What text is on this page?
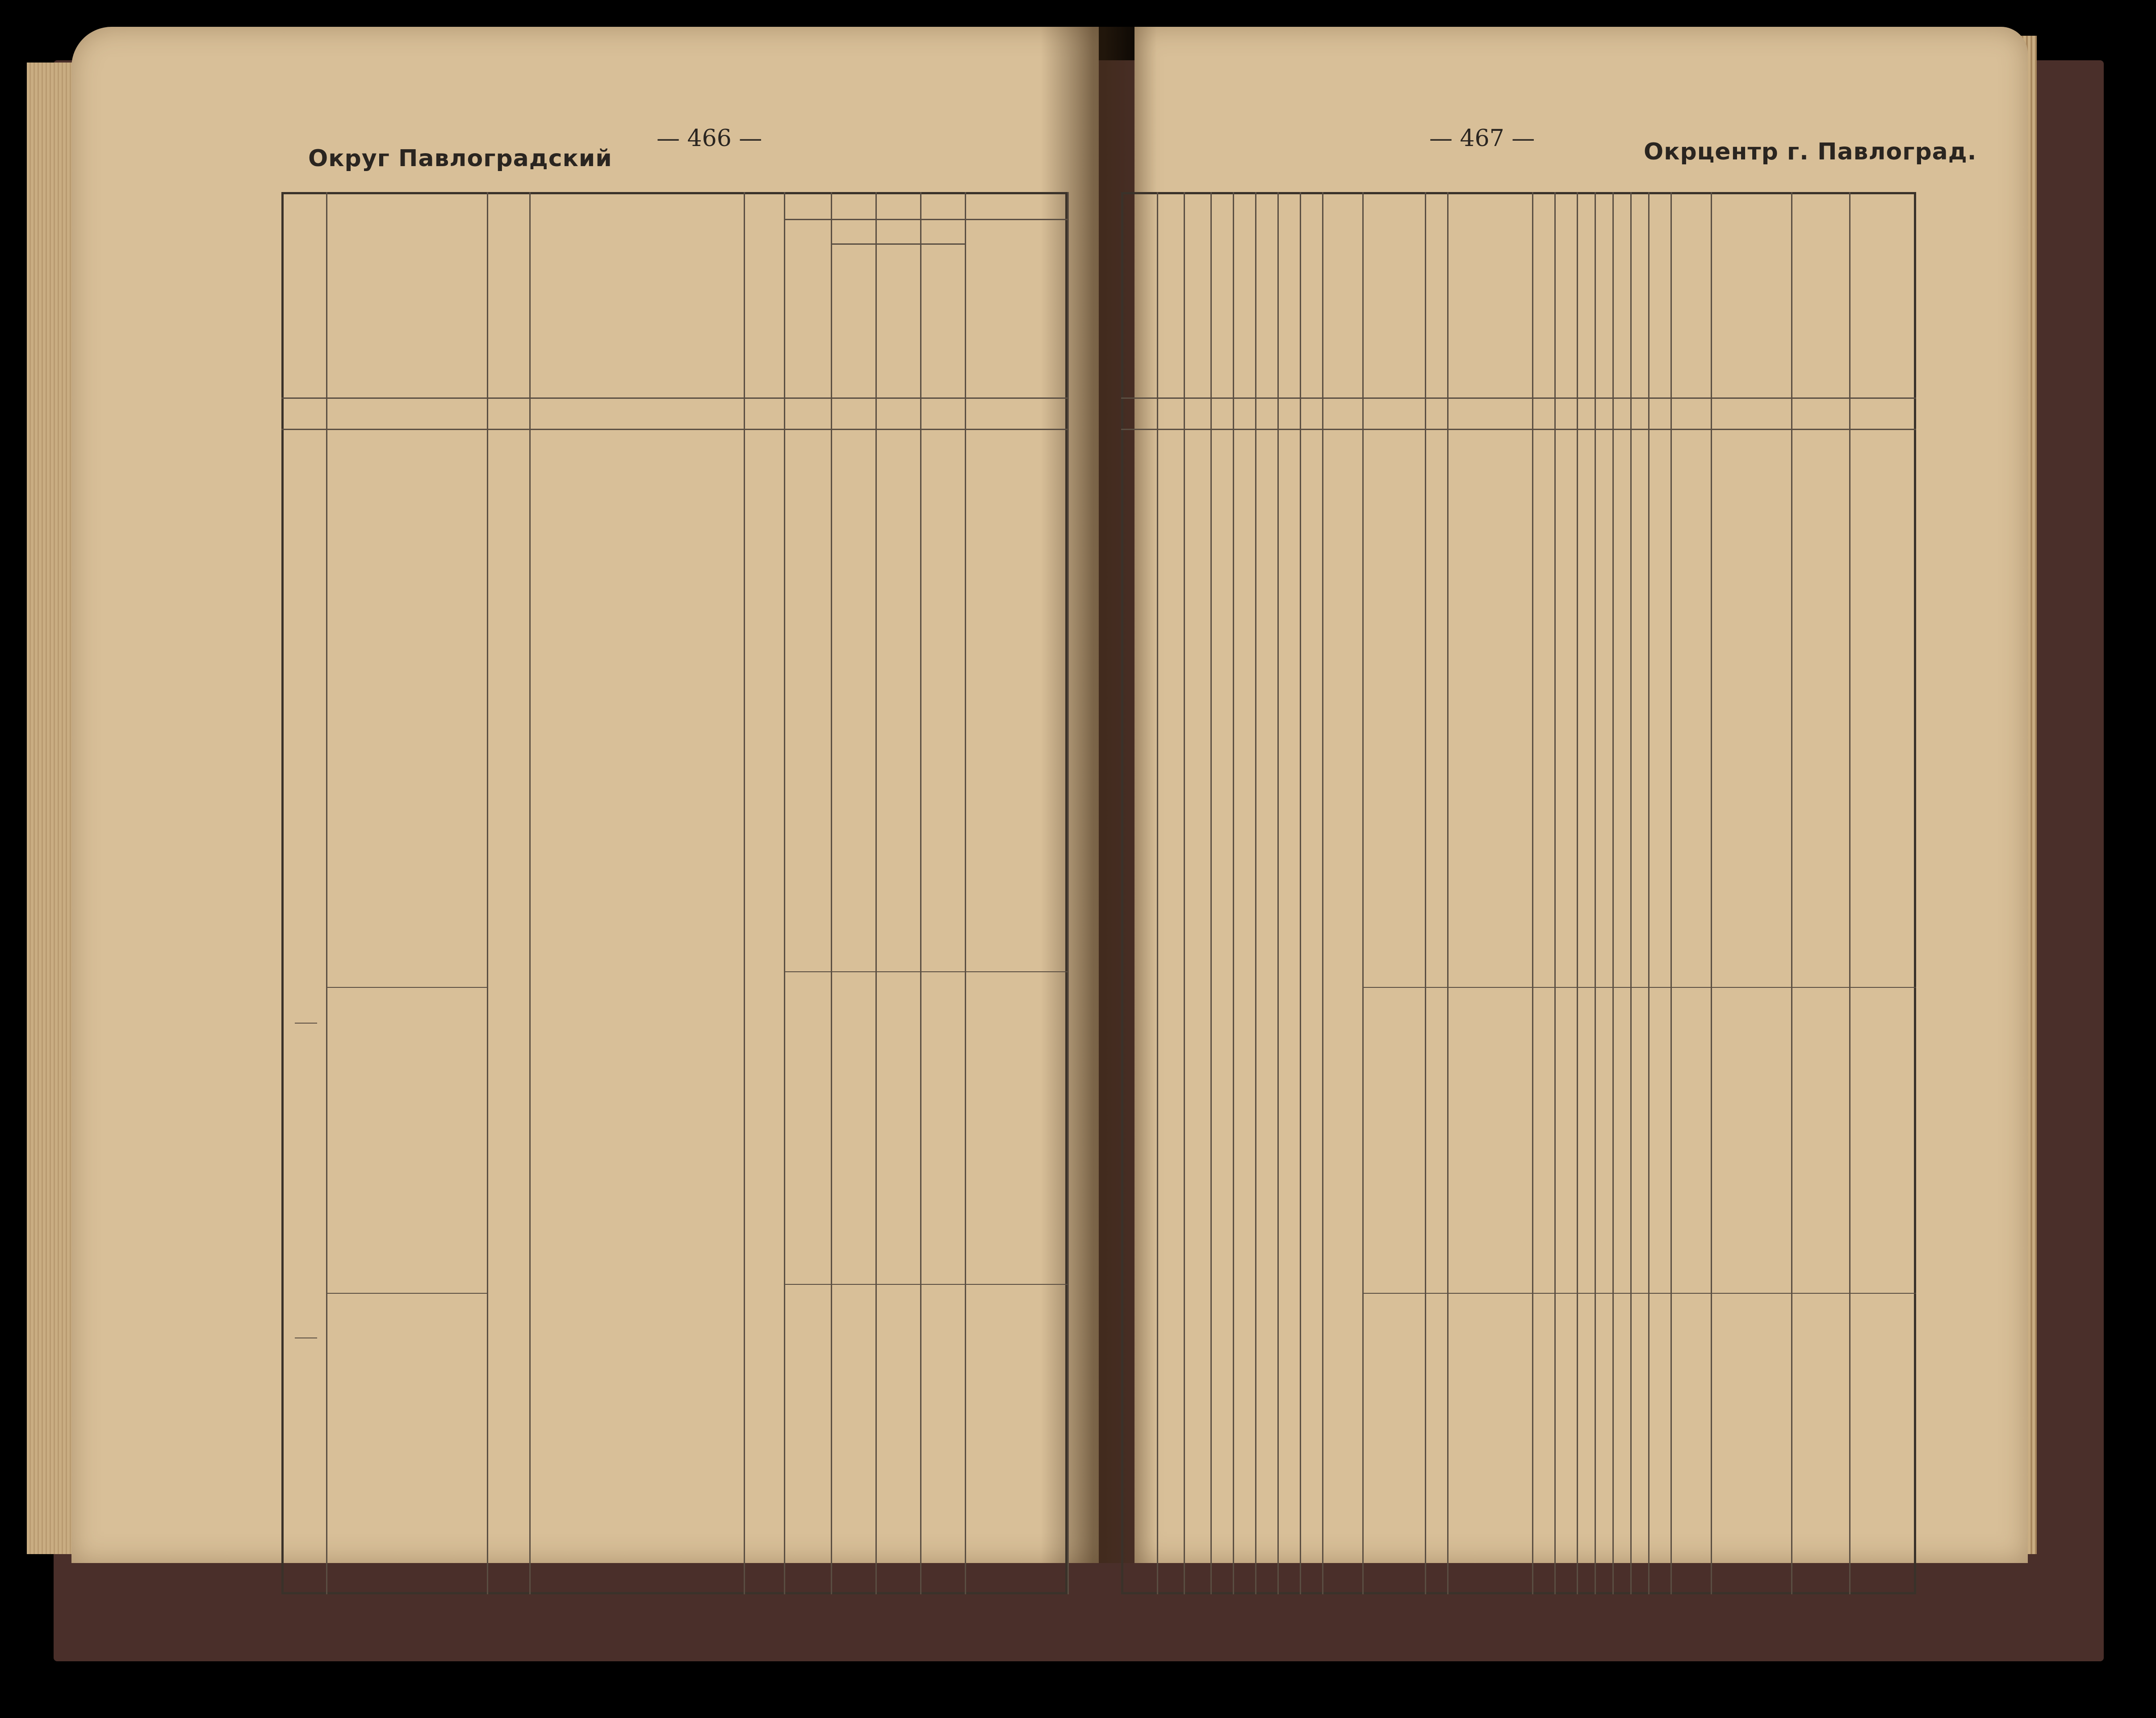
Округ Павлоградский
— 466 —	— 467 —	Окрцентр г. Павлоград.
